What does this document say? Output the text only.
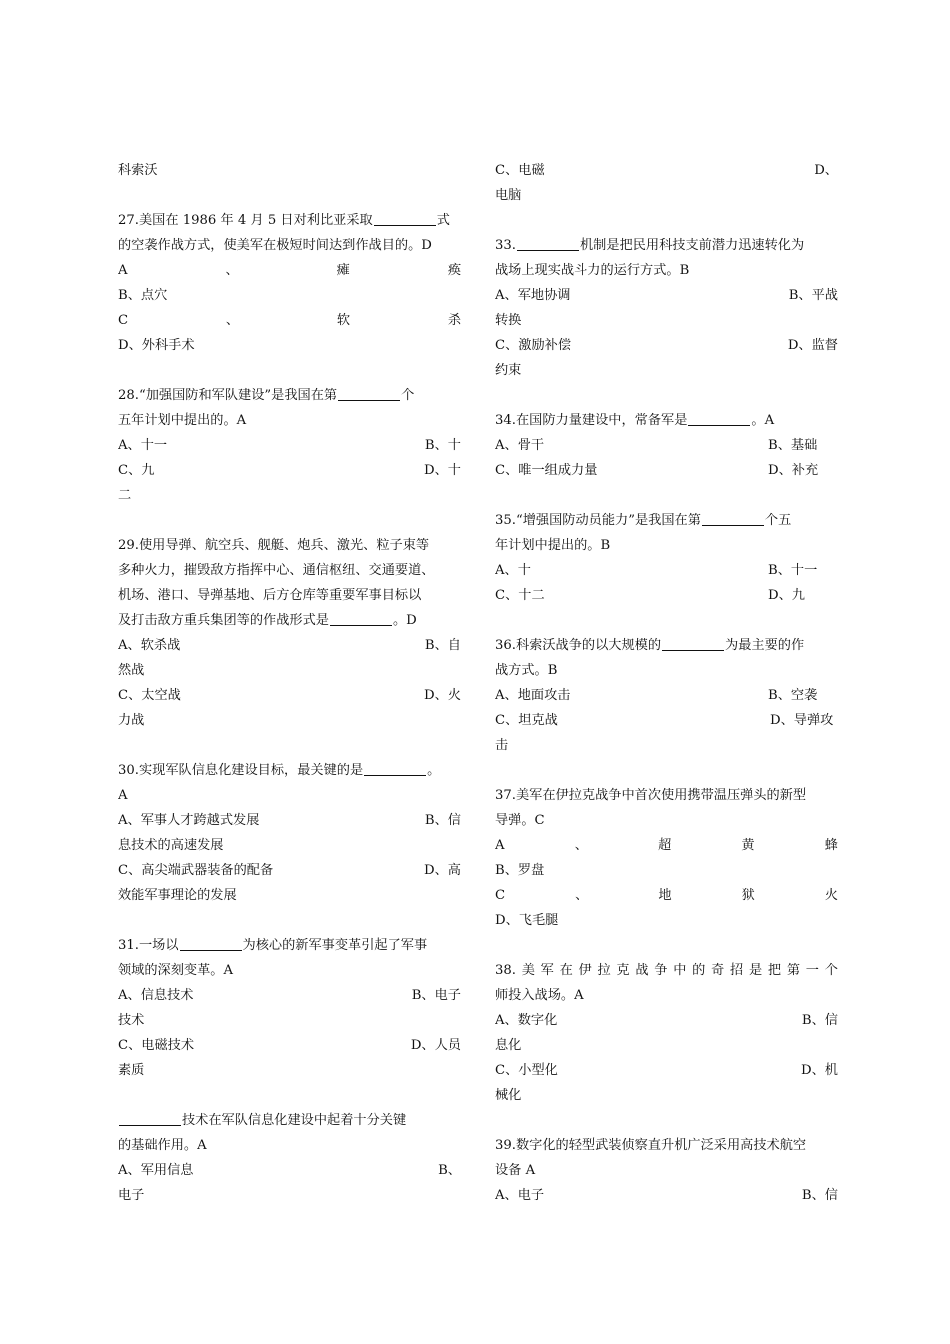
科索沃
27.美国在 1986 年 4 月 5 日对利比亚采取	式
的空袭作战方式，使美军在极短时间达到作战目的。D
A	、	瘫	痪
B、点穴
C	、	软	杀
D、外科手术
28.“加强国防和军队建设”是我国在第	个
五年计划中提出的。A
A、十一	B、十
C、九	D、十
二
29.使用导弹、航空兵、舰艇、炮兵、激光、粒子束等
多种火力，摧毁敌方指挥中心、通信枢纽、交通要道、
机场、港口、导弹基地、后方仓库等重要军事目标以
及打击敌方重兵集团等的作战形式是	。D
A、软杀战	B、自
然战
C、太空战	D、火
力战
30.实现军队信息化建设目标，最关键的是	。
A
A、军事人才跨越式发展	B、信
息技术的高速发展
C、高尖端武器装备的配备	D、高
效能军事理论的发展
31.一场以	为核心的新军事变革引起了军事
领域的深刻变革。A
A、信息技术	B、电子
技术
C、电磁技术	D、人员
素质
技术在军队信息化建设中起着十分关键
的基础作用。A
A、军用信息	B、
电子
C、电磁	D、
电脑
33.	机制是把民用科技支前潜力迅速转化为
战场上现实战斗力的运行方式。B
A、军地协调	B、平战
转换
C、激励补偿	D、监督
约束
34.在国防力量建设中，常备军是	。A
A、骨干	B、基础
C、唯一组成力量	D、补充
35.“增强国防动员能力”是我国在第	个五
年计划中提出的。B
A、十	B、十一
C、十二	D、九
36.科索沃战争的以大规模的	为最主要的作
战方式。B
A、地面攻击	B、空袭
C、坦克战	D、导弹攻
击
37.美军在伊拉克战争中首次使用携带温压弹头的新型
导弹。C
A	、	超	黄	蜂
B、罗盘
C	、	地	狱	火
D、飞毛腿
38. 美 军 在 伊 拉 克 战 争 中 的 奇 招 是 把 第 一 个
师投入战场。A
A、数字化	B、信
息化
C、小型化	D、机
械化
39.数字化的轻型武装侦察直升机广泛采用高技术航空
设备 A
A、电子	B、信
